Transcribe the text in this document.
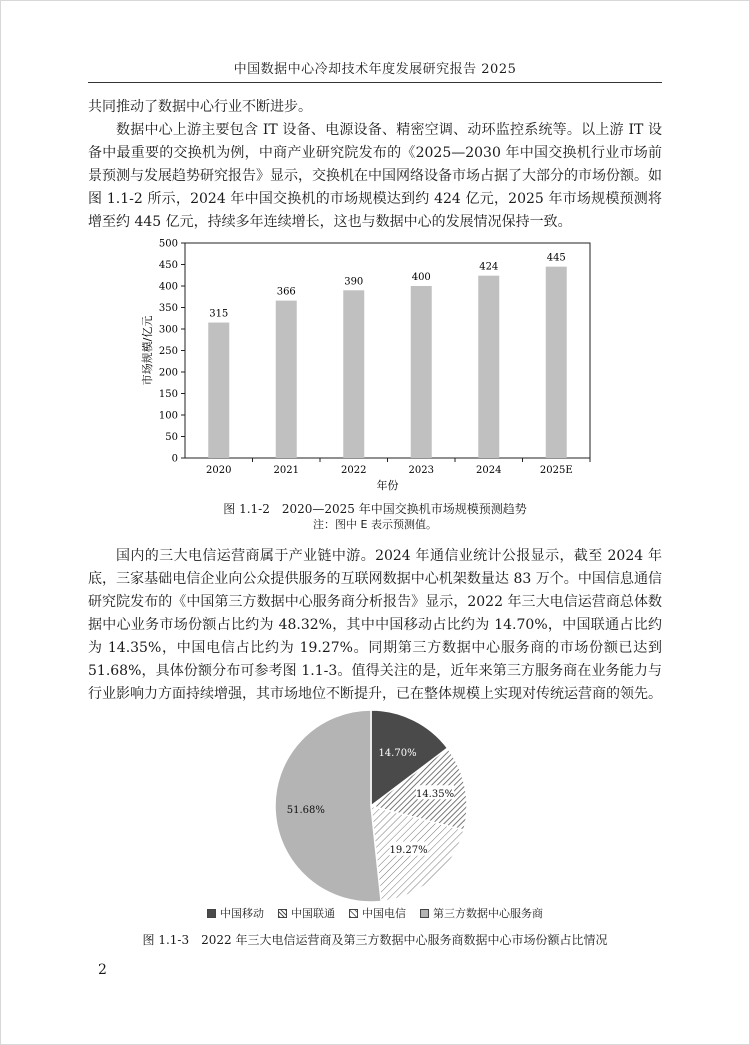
中国数据中心冷却技术年度发展研究报告 2025

共同推动了数据中心行业不断进步。

数据中心上游主要包含 IT 设备、电源设备、精密空调、动环监控系统等。以上游 IT 设备中最重要的交换机为例，中商产业研究院发布的《2025—2030 年中国交换机行业市场前景预测与发展趋势研究报告》显示，交换机在中国网络设备市场占据了大部分的市场份额。如图 1.1-2 所示，2024 年中国交换机的市场规模达到约 424 亿元，2025 年市场规模预测将增至约 445 亿元，持续多年连续增长，这也与数据中心的发展情况保持一致。

0
50
100
150
200
250
300
350
400
450
500
315
2020
366
2021
390
2022
400
2023
424
2024
445
2025E
年份
市场规模/亿元
14.70%
14.35%
19.27%
51.68%
图 1.1-2　2020—2025 年中国交换机市场规模预测趋势
注：图中 E 表示预测值。

国内的三大电信运营商属于产业链中游。2024 年通信业统计公报显示，截至 2024 年底，三家基础电信企业向公众提供服务的互联网数据中心机架数量达 83 万个。中国信息通信研究院发布的《中国第三方数据中心服务商分析报告》显示，2022 年三大电信运营商总体数据中心业务市场份额占比约为 48.32%，其中中国移动占比约为 14.70%，中国联通占比约为 14.35%，中国电信占比约为 19.27%。同期第三方数据中心服务商的市场份额已达到 51.68%，具体份额分布可参考图 1.1-3。值得关注的是，近年来第三方服务商在业务能力与行业影响力方面持续增强，其市场地位不断提升，已在整体规模上实现对传统运营商的领先。

中国移动 中国联通 中国电信 第三方数据中心服务商
图 1.1-3　2022 年三大电信运营商及第三方数据中心服务商数据中心市场份额占比情况
2
